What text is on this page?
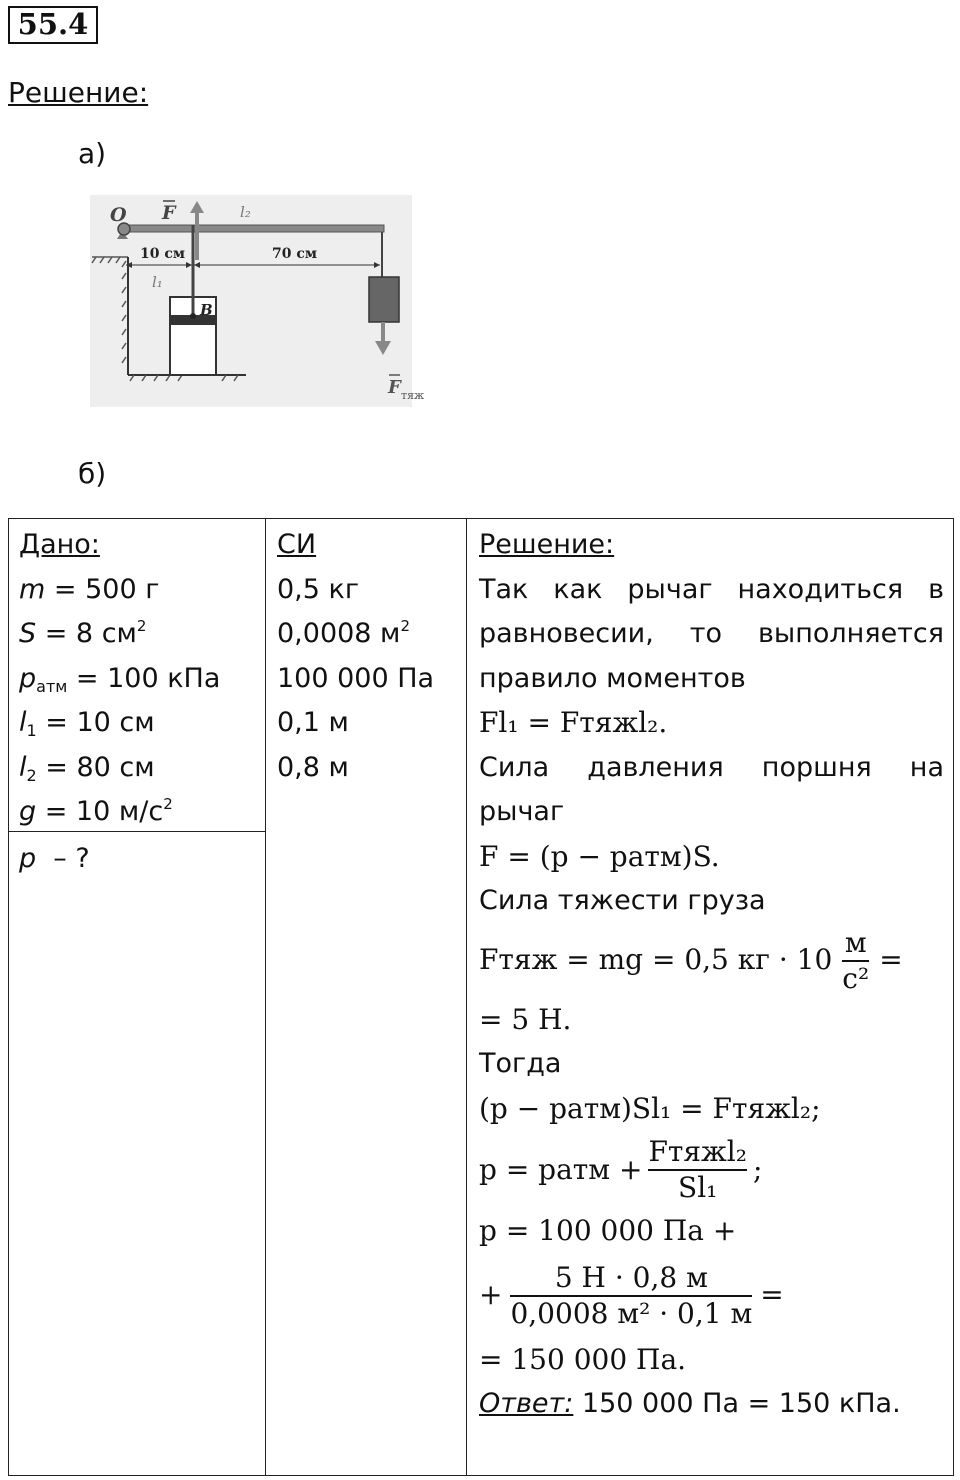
55.4
Решение:
а)
O F	l₂
10 см	70 см
l₁
B
F тяж
б)
Дано:
m = 500 г
S = 8 $см^2$
$p_{атм} = 100$ кПа
$l_1 = 10$ см
$l_2 = 80$ см
g = 10 $м/с^2$
p  – ?
СИ
0,5 кг
0,0008 $м^2$
100 000 Па
0,1 м
0,8 м
Решение:
Так как рычаг находиться в
равновесии, то выполняется
правило моментов
Fl₁ = Fтяжl₂.
Сила давления поршня на
рычаг
F = (p − pатм)S.
Сила тяжести груза
Fтяж = mg = 0,5 кг · $10 \frac{м}{\text{с²}}$ =
= 5 Н.
Тогда
(p − pатм)Sl₁ = Fтяжl₂;
p = pатм + $\frac{\text{Fтяжl₂}}{\text{Sl₁}}$ ;
p = 100 000 Па +
+ $\frac{5 Н \cdot 0,8 м}{\text{0,0008 м² · 0,1 м}}$ =
= 150 000 Па.
Ответ: 150 000 Па = 150 кПа.
